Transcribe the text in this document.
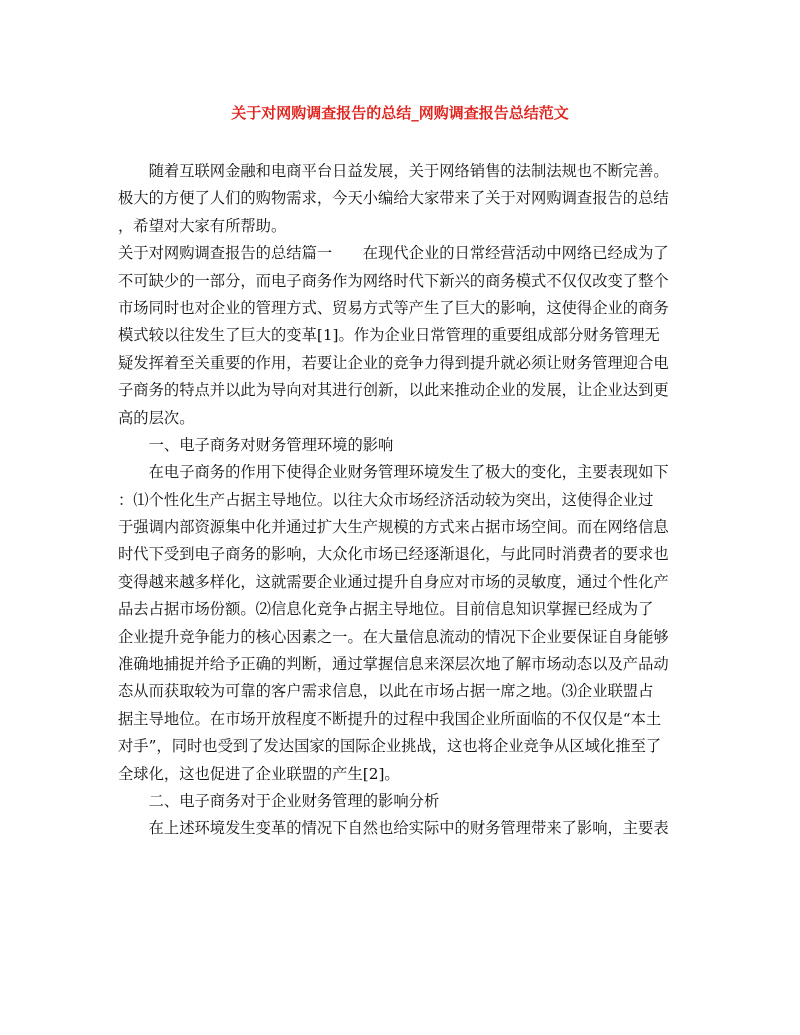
关于对网购调查报告的总结_网购调查报告总结范文
　　随着互联网金融和电商平台日益发展，关于网络销售的法制法规也不断完善。
极大的方便了人们的购物需求，今天小编给大家带来了关于对网购调查报告的总结
，希望对大家有所帮助。
关于对网购调查报告的总结篇一　　在现代企业的日常经营活动中网络已经成为了
不可缺少的一部分，而电子商务作为网络时代下新兴的商务模式不仅仅改变了整个
市场同时也对企业的管理方式、贸易方式等产生了巨大的影响，这使得企业的商务
模式较以往发生了巨大的变革[1]。作为企业日常管理的重要组成部分财务管理无
疑发挥着至关重要的作用，若要让企业的竞争力得到提升就必须让财务管理迎合电
子商务的特点并以此为导向对其进行创新，以此来推动企业的发展，让企业达到更
高的层次。
　　一、电子商务对财务管理环境的影响
　　在电子商务的作用下使得企业财务管理环境发生了极大的变化，主要表现如下
：⑴个性化生产占据主导地位。以往大众市场经济活动较为突出，这使得企业过
于强调内部资源集中化并通过扩大生产规模的方式来占据市场空间。而在网络信息
时代下受到电子商务的影响，大众化市场已经逐渐退化，与此同时消费者的要求也
变得越来越多样化，这就需要企业通过提升自身应对市场的灵敏度，通过个性化产
品去占据市场份额。⑵信息化竞争占据主导地位。目前信息知识掌握已经成为了
企业提升竞争能力的核心因素之一。在大量信息流动的情况下企业要保证自身能够
准确地捕捉并给予正确的判断，通过掌握信息来深层次地了解市场动态以及产品动
态从而获取较为可靠的客户需求信息，以此在市场占据一席之地。⑶企业联盟占
据主导地位。在市场开放程度不断提升的过程中我国企业所面临的不仅仅是“本土
对手”，同时也受到了发达国家的国际企业挑战，这也将企业竞争从区域化推至了
全球化，这也促进了企业联盟的产生[2]。
　　二、电子商务对于企业财务管理的影响分析
　　在上述环境发生变革的情况下自然也给实际中的财务管理带来了影响，主要表
